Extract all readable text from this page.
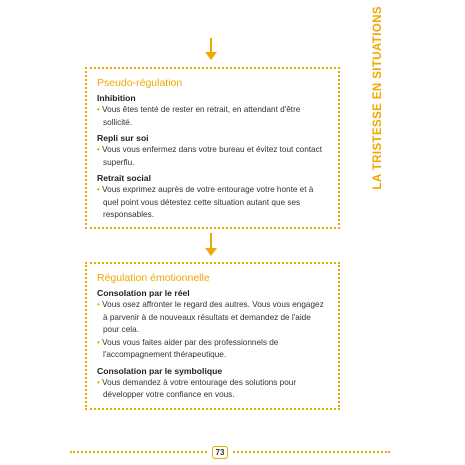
LA TRISTESSE EN SITUATIONS
Pseudo-régulation
Inhibition
• Vous êtes tenté de rester en retrait, en attendant d'être sollicité.
Repli sur soi
• Vous vous enfermez dans votre bureau et évitez tout contact superflu.
Retrait social
• Vous exprimez auprès de votre entourage votre honte et à quel point vous détestez cette situation autant que ses responsables.
Régulation émotionnelle
Consolation par le réel
• Vous osez affronter le regard des autres. Vous vous engagez à parvenir à de nouveaux résultats et demandez de l'aide pour cela.
• Vous vous faites aider par des professionnels de l'accompagnement thérapeutique.
Consolation par le symbolique
• Vous demandez à votre entourage des solutions pour développer votre confiance en vous.
73
